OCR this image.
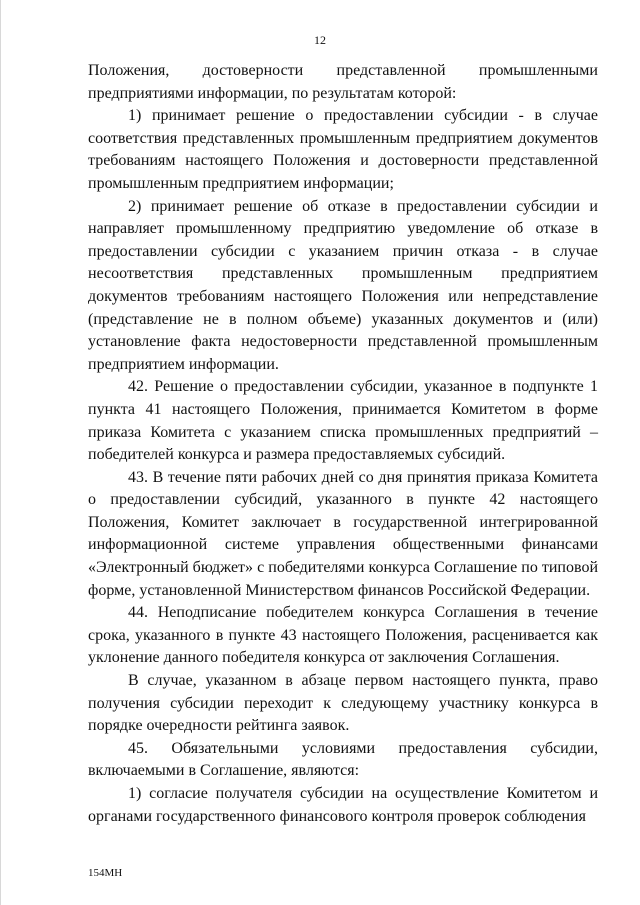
12

Положения, достоверности представленной промышленными предприятиями информации, по результатам которой:

1) принимает решение о предоставлении субсидии - в случае соответствия представленных промышленным предприятием документов требованиям настоящего Положения и достоверности представленной промышленным предприятием информации;

2) принимает решение об отказе в предоставлении субсидии и направляет промышленному предприятию уведомление об отказе в предоставлении субсидии с указанием причин отказа - в случае несоответствия представленных промышленным предприятием документов требованиям настоящего Положения или непредставление (представление не в полном объеме) указанных документов и (или) установление факта недостоверности представленной промышленным предприятием информации.

42. Решение о предоставлении субсидии, указанное в подпункте 1 пункта 41 настоящего Положения, принимается Комитетом в форме приказа Комитета с указанием списка промышленных предприятий – победителей конкурса и размера предоставляемых субсидий.

43. В течение пяти рабочих дней со дня принятия приказа Комитета о предоставлении субсидий, указанного в пункте 42 настоящего Положения, Комитет заключает в государственной интегрированной информационной системе управления общественными финансами «Электронный бюджет» с победителями конкурса Соглашение по типовой форме, установленной Министерством финансов Российской Федерации.

44. Неподписание победителем конкурса Соглашения в течение срока, указанного в пункте 43 настоящего Положения, расценивается как уклонение данного победителя конкурса от заключения Соглашения.

В случае, указанном в абзаце первом настоящего пункта, право получения субсидии переходит к следующему участнику конкурса в порядке очередности рейтинга заявок.

45. Обязательными условиями предоставления субсидии, включаемыми в Соглашение, являются:

1) согласие получателя субсидии на осуществление Комитетом и органами государственного финансового контроля проверок соблюдения

154МН
